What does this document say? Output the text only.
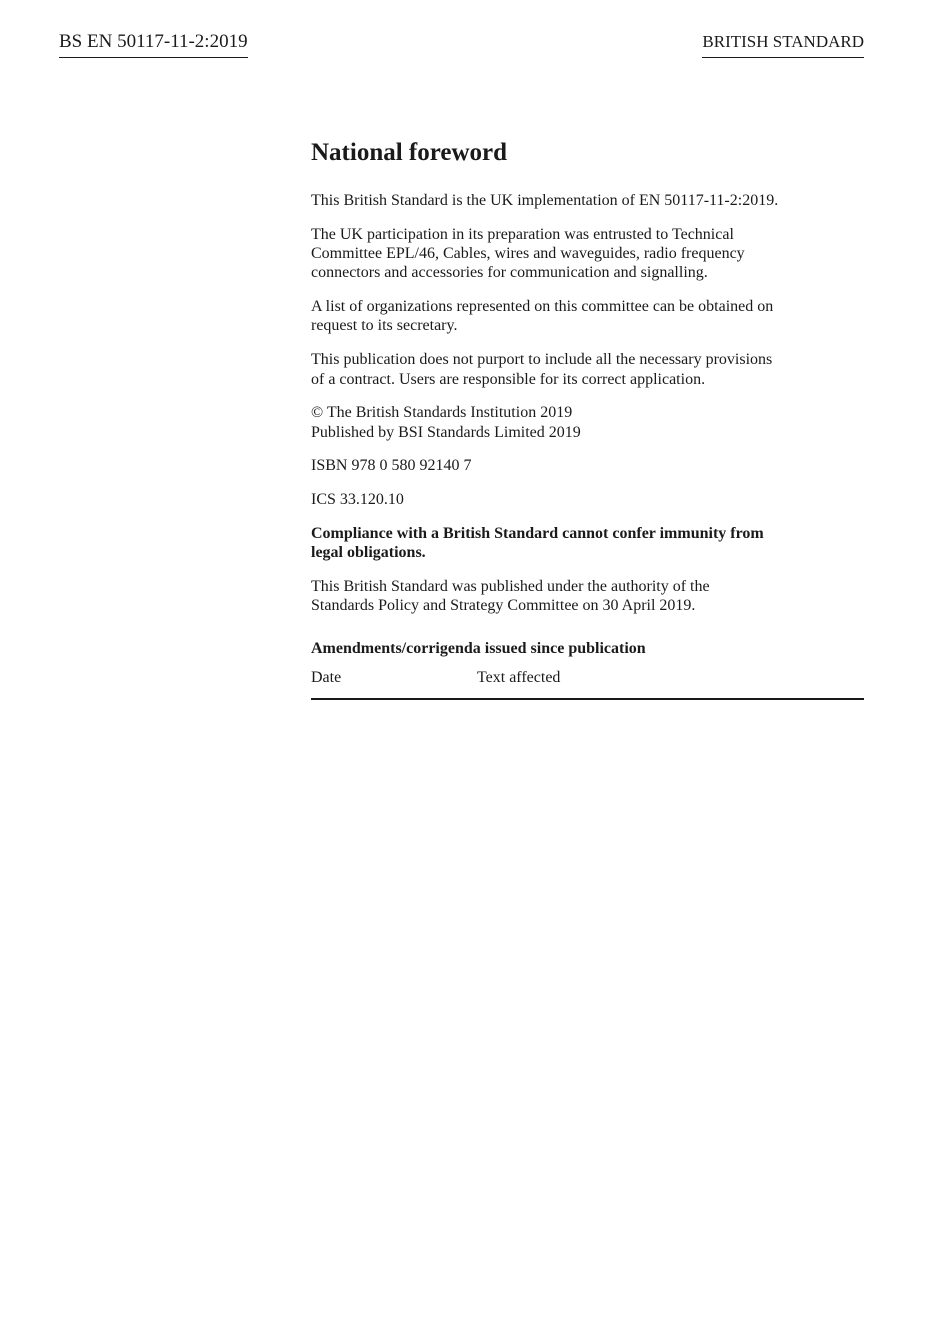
BS EN 50117-11-2:2019	BRITISH STANDARD
National foreword

This British Standard is the UK implementation of EN 50117-11-2:2019.

The UK participation in its preparation was entrusted to Technical
Committee EPL/46, Cables, wires and waveguides, radio frequency
connectors and accessories for communication and signalling.

A list of organizations represented on this committee can be obtained on
request to its secretary.

This publication does not purport to include all the necessary provisions
of a contract. Users are responsible for its correct application.

© The British Standards Institution 2019
Published by BSI Standards Limited 2019

ISBN 978 0 580 92140 7

ICS 33.120.10

Compliance with a British Standard cannot confer immunity from
legal obligations.

This British Standard was published under the authority of the
Standards Policy and Strategy Committee on 30 April 2019.

Amendments/corrigenda issued since publication
Date	Text affected
